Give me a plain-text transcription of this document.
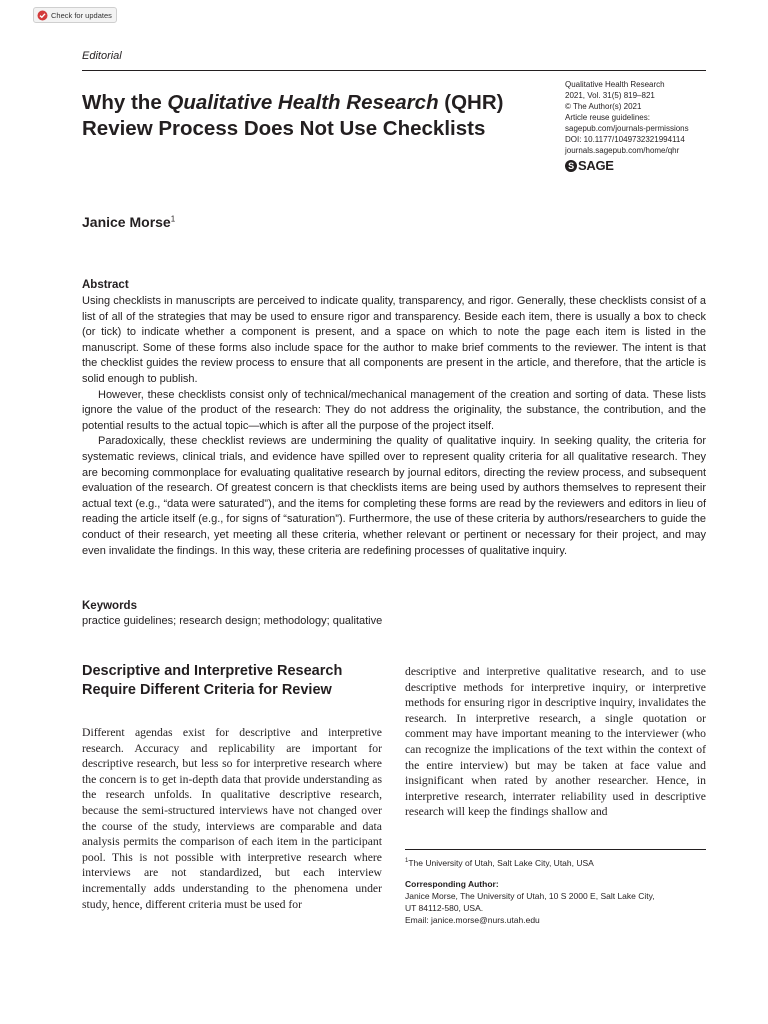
Check for updates
Editorial
Why the Qualitative Health Research (QHR) Review Process Does Not Use Checklists
Qualitative Health Research
2021, Vol. 31(5) 819–821
© The Author(s) 2021
Article reuse guidelines:
sagepub.com/journals-permissions
DOI: 10.1177/1049732321994114
journals.sagepub.com/home/qhr
S SAGE
Janice Morse$^1$
Abstract

Using checklists in manuscripts are perceived to indicate quality, transparency, and rigor. Generally, these checklists consist of a list of all of the strategies that may be used to ensure rigor and transparency. Beside each item, there is usually a box to check (or tick) to indicate whether a component is present, and a space on which to note the page each item is listed in the manuscript. Some of these forms also include space for the author to make brief comments to the reviewer. The intent is that the checklist guides the review process to ensure that all components are present in the article, and therefore, that the article is solid enough to publish.

However, these checklists consist only of technical/mechanical management of the creation and sorting of data. These lists ignore the value of the product of the research: They do not address the originality, the substance, the contribution, and the potential results to the actual topic—which is after all the purpose of the project itself.

Paradoxically, these checklist reviews are undermining the quality of qualitative inquiry. In seeking quality, the criteria for systematic reviews, clinical trials, and evidence have spilled over to represent quality criteria for all qualitative research. They are becoming commonplace for evaluating qualitative research by journal editors, directing the review process, and subsequent evaluation of the research. Of greatest concern is that checklists items are being used by authors themselves to represent their actual text (e.g., “data were saturated”), and the items for completing these forms are read by the reviewers and editors in lieu of reading the article itself (e.g., for signs of “saturation”). Furthermore, the use of these criteria by authors/researchers to guide the conduct of their research, yet meeting all these criteria, whether relevant or pertinent or necessary for their project, and may even invalidate the findings. In this way, these criteria are redefining processes of qualitative inquiry.

Keywords
practice guidelines; research design; methodology; qualitative
Descriptive and Interpretive Research Require Different Criteria for Review
Different agendas exist for descriptive and interpretive research. Accuracy and replicability are important for descriptive research, but less so for interpretive research where the concern is to get in-depth data that provide understanding as the research unfolds. In qualitative descriptive research, because the semi-structured interviews have not changed over the course of the study, interviews are comparable and data analysis permits the comparison of each item in the participant pool. This is not possible with interpretive research where interviews are not standardized, but each interview incrementally adds understanding to the phenomena under study, hence, different criteria must be used for
descriptive and interpretive qualitative research, and to use descriptive methods for interpretive inquiry, or interpretive methods for ensuring rigor in descriptive inquiry, invalidates the research. In interpretive research, a single quotation or comment may have important meaning to the interviewer (who can recognize the implications of the text within the context of the entire interview) but may be taken at face value and insignificant when rated by another researcher. Hence, in interpretive research, interrater reliability used in descriptive research will keep the findings shallow and
$^1$The University of Utah, Salt Lake City, Utah, USA
Corresponding Author:
Janice Morse, The University of Utah, 10 S 2000 E, Salt Lake City,
UT 84112-580, USA.
Email: janice.morse@nurs.utah.edu
